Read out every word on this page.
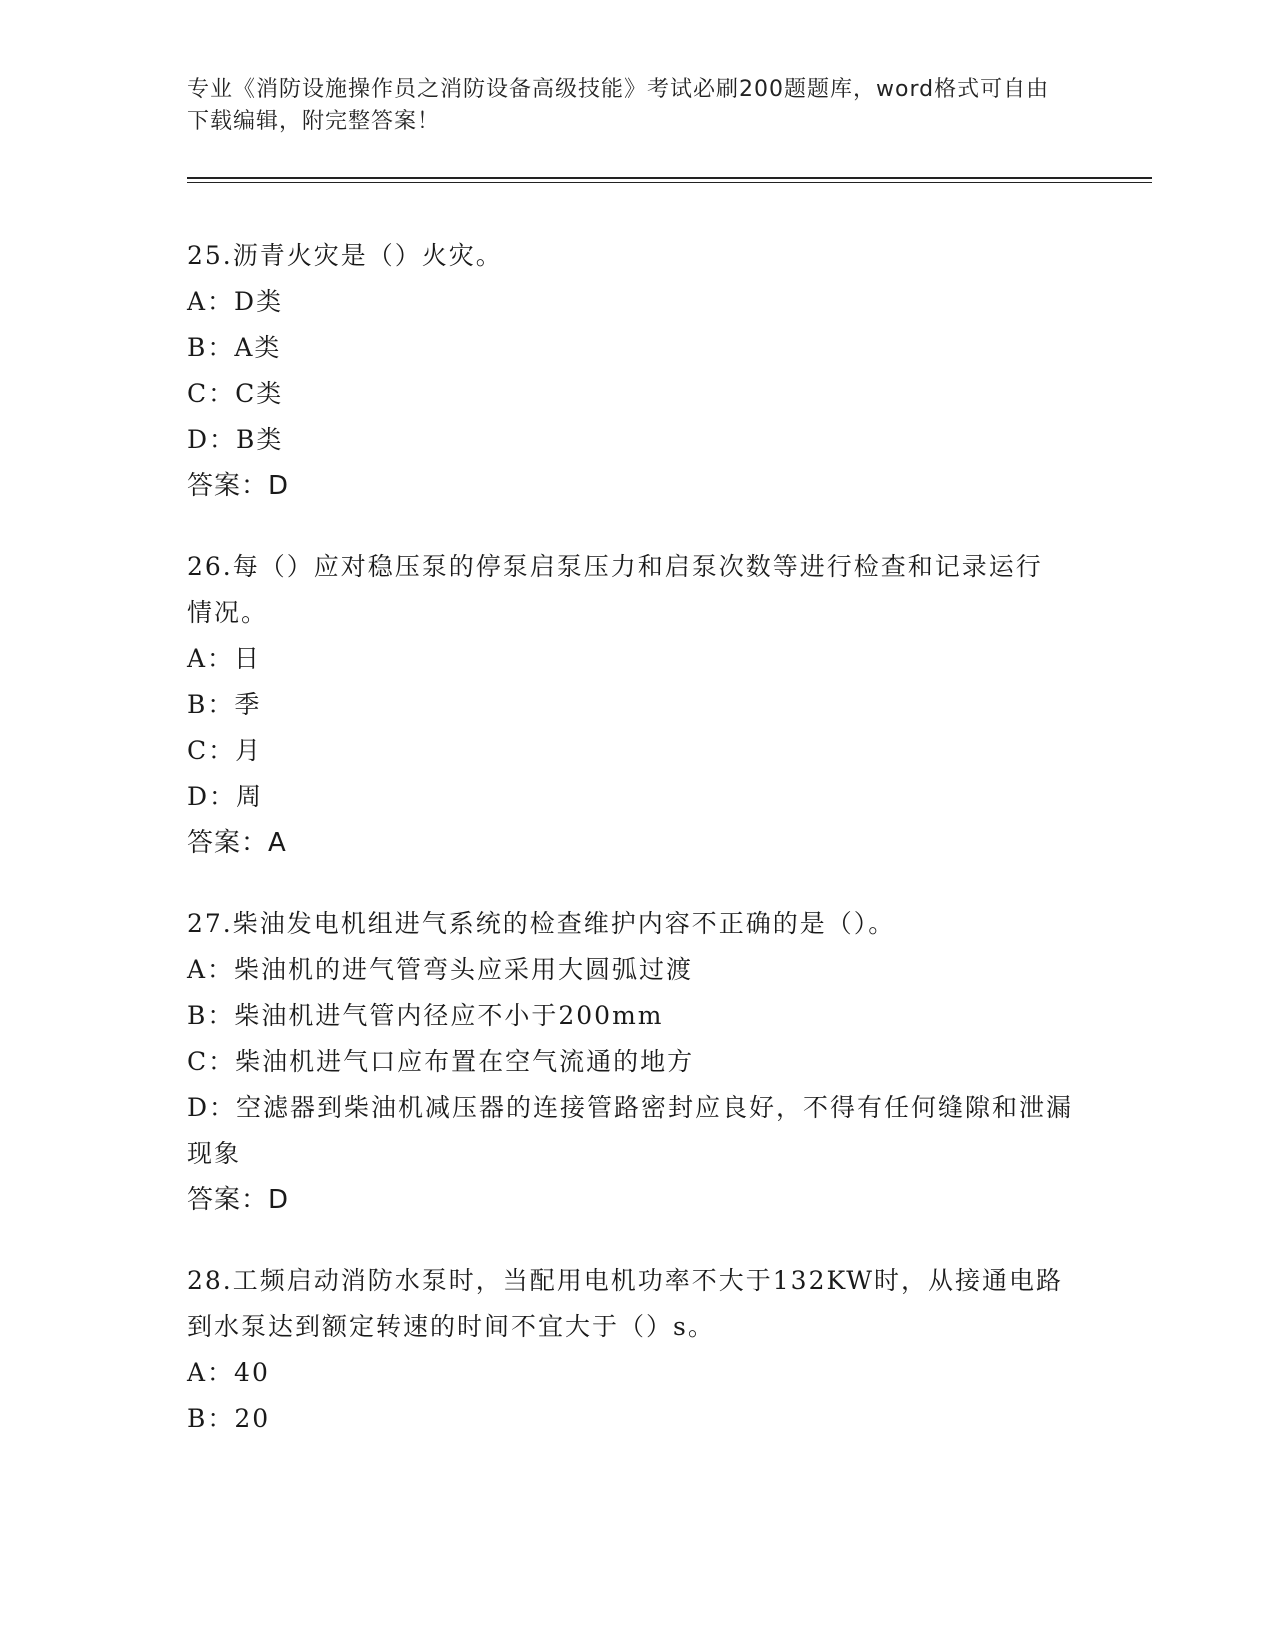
专业《消防设施操作员之消防设备高级技能》考试必刷200题题库，word格式可自由下载编辑，附完整答案！
25.沥青火灾是（）火灾。
A：D类
B：A类
C：C类
D：B类
答案：D
26.每（）应对稳压泵的停泵启泵压力和启泵次数等进行检查和记录运行情况。
A：日
B：季
C：月
D：周
答案：A
27.柴油发电机组进气系统的检查维护内容不正确的是（）。
A：柴油机的进气管弯头应采用大圆弧过渡
B：柴油机进气管内径应不小于200mm
C：柴油机进气口应布置在空气流通的地方
D：空滤器到柴油机减压器的连接管路密封应良好，不得有任何缝隙和泄漏现象
答案：D
28.工频启动消防水泵时，当配用电机功率不大于132KW时，从接通电路到水泵达到额定转速的时间不宜大于（）s。
A：40
B：20
